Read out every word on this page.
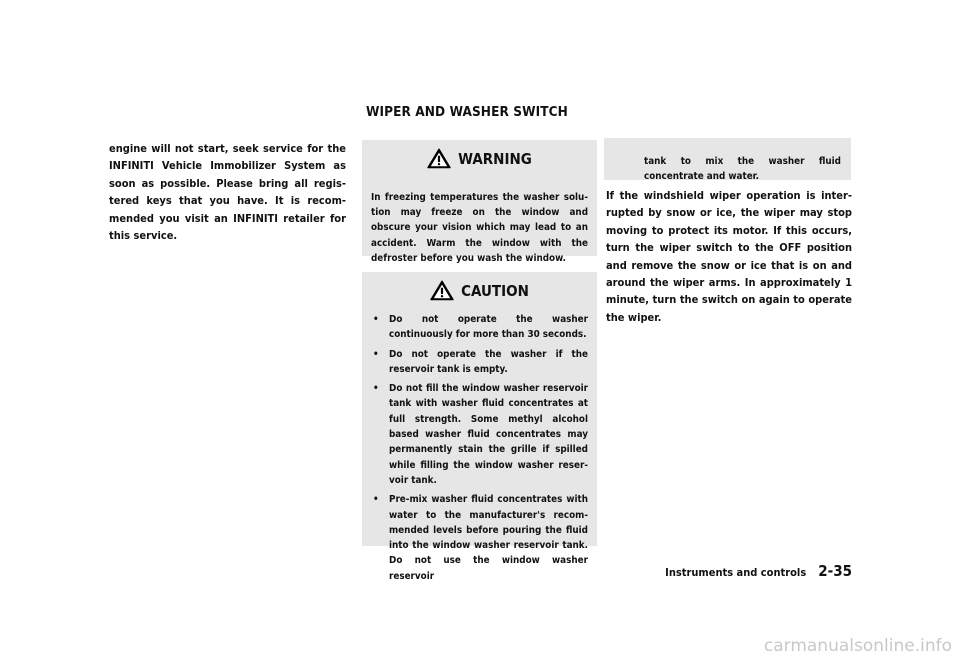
WIPER AND WASHER SWITCH

engine will not start, seek service for the INFINITI Vehicle Immobilizer System as soon as possible. Please bring all regis-tered keys that you have. It is recom-mended you visit an INFINITI retailer for this service.

WARNING

In freezing temperatures the washer solu-tion may freeze on the window and obscure your vision which may lead to an accident. Warm the window with the defroster before you wash the window.

CAUTION
• Do not operate the washer continuously for more than 30 seconds.
• Do not operate the washer if the reservoir tank is empty.
• Do not fill the window washer reservoir tank with washer fluid concentrates at full strength. Some methyl alcohol based washer fluid concentrates may permanently stain the grille if spilled while filling the window washer reser-voir tank.
• Pre-mix washer fluid concentrates with water to the manufacturer's recom-mended levels before pouring the fluid into the window washer reservoir tank. Do not use the window washer reservoir

tank to mix the washer fluid concentrate and water.

If the windshield wiper operation is inter-rupted by snow or ice, the wiper may stop moving to protect its motor. If this occurs, turn the wiper switch to the OFF position and remove the snow or ice that is on and around the wiper arms. In approximately 1 minute, turn the switch on again to operate the wiper.

Instruments and controls 2-35
carmanualsonline.info
